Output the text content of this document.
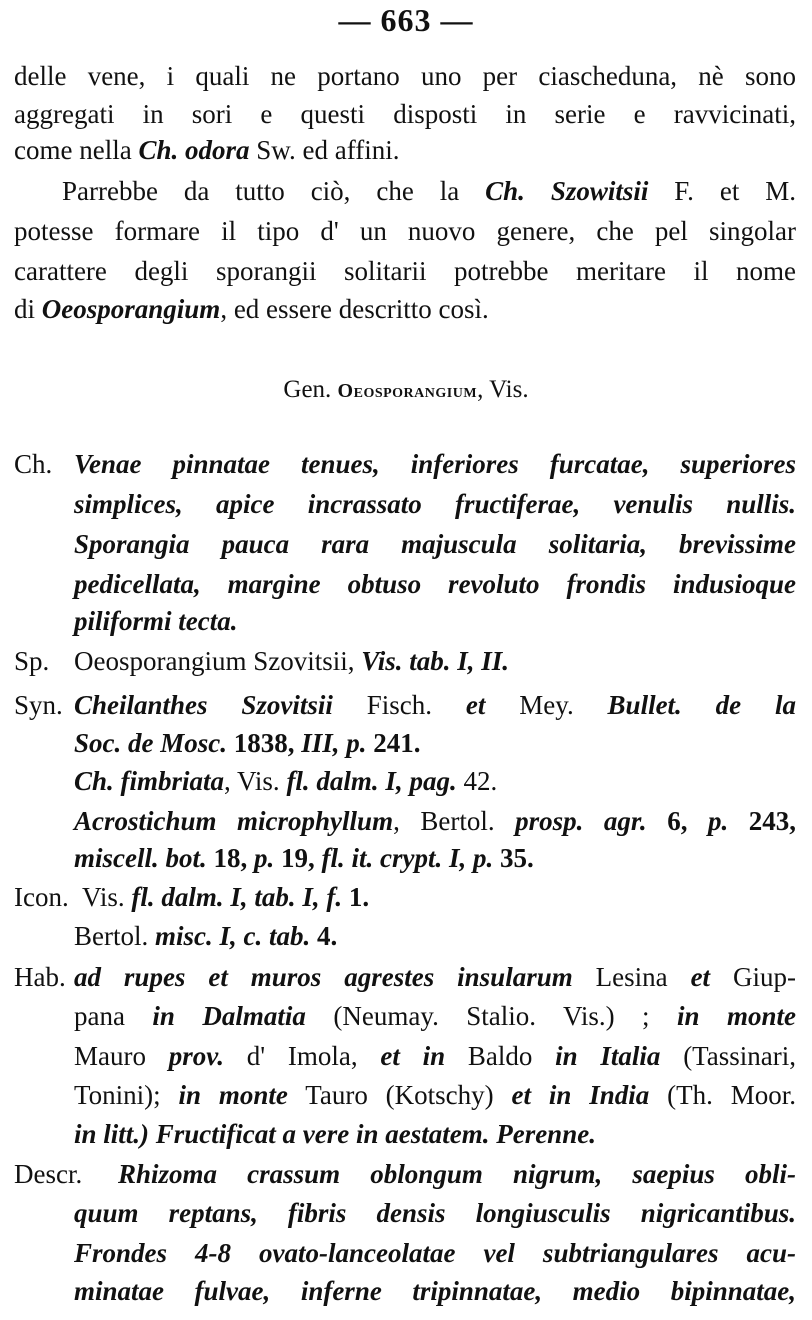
— 663 —
delle vene, i quali ne portano uno per ciascheduna, nè sono
aggregati in sori e questi disposti in serie e ravvicinati,
come nella Ch. odora Sw. ed affini.
Parrebbe da tutto ciò, che la Ch. Szowitsii F. et M.
potesse formare il tipo d' un nuovo genere, che pel singolar
carattere degli sporangii solitarii potrebbe meritare il nome
di Oeosporangium, ed essere descritto così.
Gen. Oeosporangium, Vis.
Ch. Venae pinnatae tenues, inferiores furcatae, superiores
simplices, apice incrassato fructiferae, venulis nullis.
Sporangia pauca rara majuscula solitaria, brevissime
pedicellata, margine obtuso revoluto frondis indusioque
piliformi tecta.
Sp. Oeosporangium Szovitsii, Vis. tab. I, II.
Syn. Cheilanthes Szovitsii Fisch. et Mey. Bullet. de la
Soc. de Mosc. 1838, III, p. 241.
Ch. fimbriata, Vis. fl. dalm. I, pag. 42.
Acrostichum microphyllum, Bertol. prosp. agr. 6, p. 243,
miscell. bot. 18, p. 19, fl. it. crypt. I, p. 35.
Icon. Vis. fl. dalm. I, tab. I, f. 1.
Bertol. misc. I, c. tab. 4.
Hab. ad rupes et muros agrestes insularum Lesina et Giup-
pana in Dalmatia (Neumay. Stalio. Vis.) ; in monte
Mauro prov. d' Imola, et in Baldo in Italia (Tassinari,
Tonini); in monte Tauro (Kotschy) et in India (Th. Moor.
in litt.) Fructificat a vere in aestatem. Perenne.
Descr. Rhizoma crassum oblongum nigrum, saepius obli-
quum reptans, fibris densis longiusculis nigricantibus.
Frondes 4-8 ovato-lanceolatae vel subtriangulares acu-
minatae fulvae, inferne tripinnatae, medio bipinnatae,
